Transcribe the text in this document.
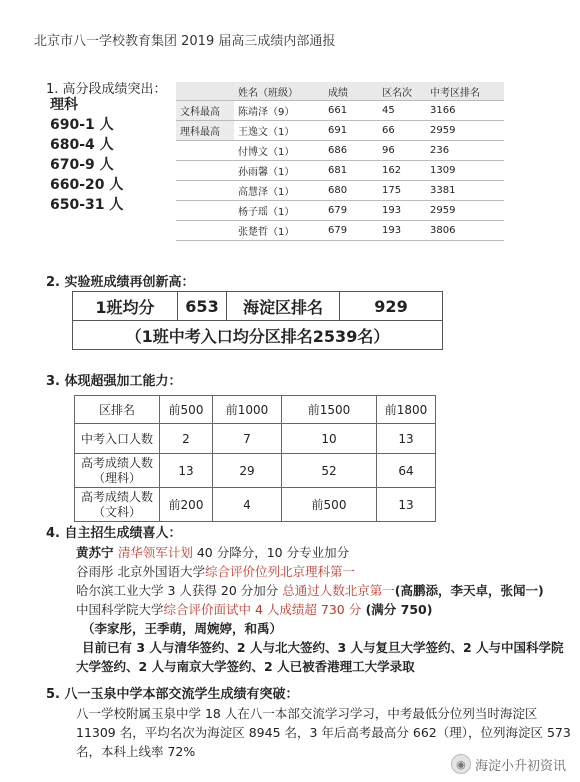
北京市八一学校教育集团 2019 届高三成绩内部通报
1. 高分段成绩突出：
理科
690-1 人
680-4 人
670-9 人
660-20 人
650-31 人
	姓名（班级）	成绩	区名次	中考区排名
文科最高	陈靖泽（9）	661	45	3166
理科最高	王逸文（1）	691	66	2959
	付博文（1）	686	96	236
	孙雨馨（1）	681	162	1309
	高慧泽（1）	680	175	3381
	杨子瑶（1）	679	193	2959
	张楚哲（1）	679	193	3806
2. 实验班成绩再创新高：
1班均分	653	海淀区排名	929
（1班中考入口均分区排名2539名）
3. 体现超强加工能力：
区排名	前500	前1000	前1500	前1800
中考入口人数	2	7	10	13
高考成绩人数
（理科）	13	29	52	64
高考成绩人数
（文科）	前200	4	前500	13
4. 自主招生成绩喜人：
黄苏宁 清华领军计划 40 分降分，10 分专业加分
谷雨彤 北京外国语大学综合评价位列北京理科第一
哈尔滨工业大学 3 人获得 20 分加分 总通过人数北京第一(高鹏添，李天卓，张闻一)
中国科学院大学综合评价面试中 4 人成绩超 730 分 (满分 750)
（李家彤，王季萌，周婉婷，和禹）
目前已有 3 人与清华签约、2 人与北大签约、3 人与复旦大学签约、2 人与中国科学院
大学签约、2 人与南京大学签约、2 人已被香港理工大学录取
5. 八一玉泉中学本部交流学生成绩有突破：
八一学校附属玉泉中学 18 人在八一本部交流学习学习，中考最低分位列当时海淀区
11309 名，平均名次为海淀区 8945 名，3 年后高考最高分 662（理），位列海淀区 573
名，本科上线率 72%
◉ 海淀小升初资讯
